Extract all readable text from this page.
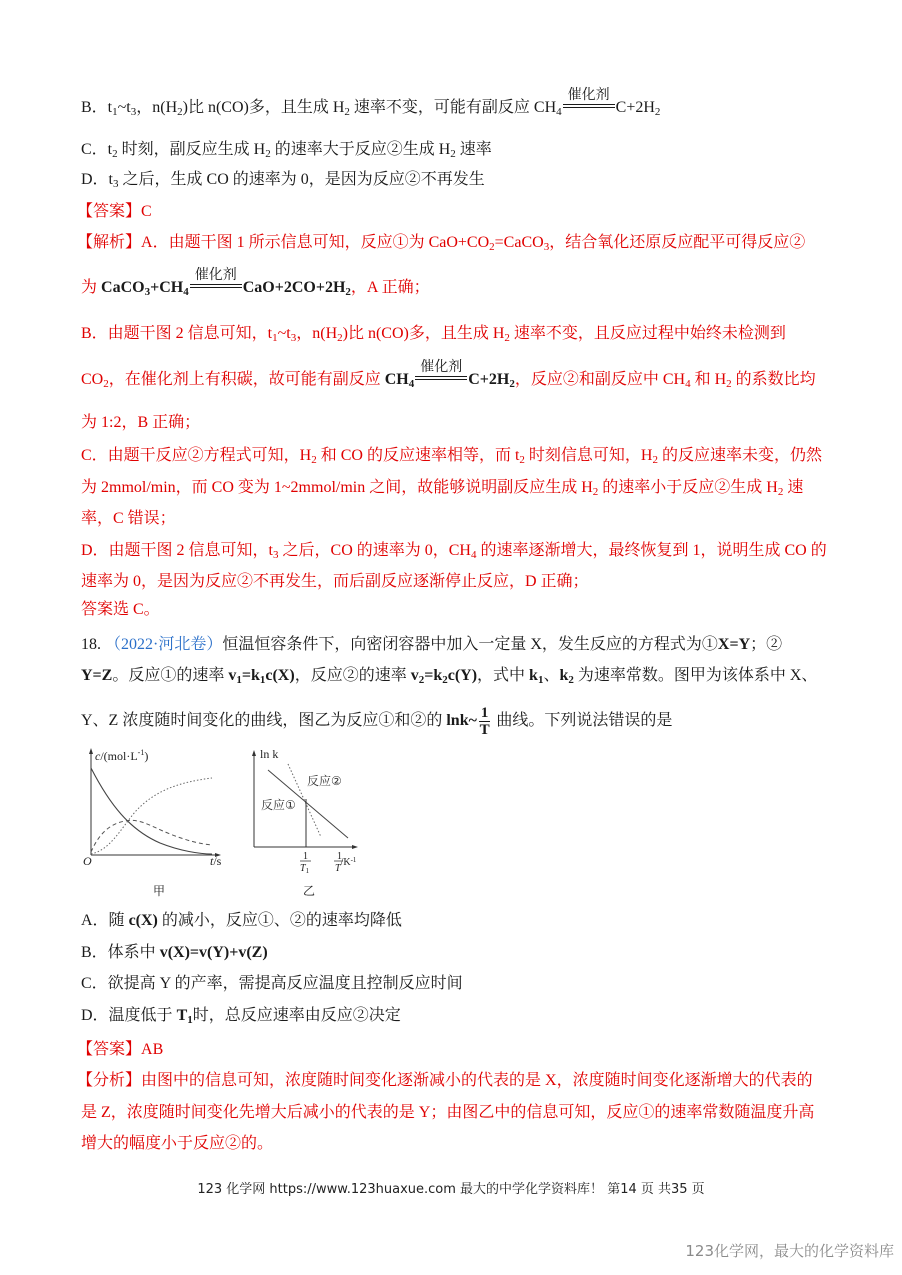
B．$t_1\sim t_3$，$n(H_2)$比 n(CO)多，且生成 $H_2$ 速率不变，可能有副反应 $CH_4$
催化剂
$C+2H_2$
C．$t_2$ 时刻，副反应生成 $H_2$ 的速率大于反应②生成 $H_2$ 速率
D．$t_3$ 之后，生成 CO 的速率为 0，是因为反应②不再发生
【答案】C
【解析】A．由题干图 1 所示信息可知，反应①为 $CaO+CO_2=CaCO_3$，结合氧化还原反应配平可得反应②
为 $CaCO_3+CH_4$
催化剂
$CaO+2CO+2H_2$，A 正确；
B．由题干图 2 信息可知，$t_1\sim t_3$，$n(H_2)$比 n(CO)多，且生成 $H_2$ 速率不变，且反应过程中始终未检测到
$CO_2$，在催化剂上有积碳，故可能有副反应 $CH_4$
催化剂
$C+2H_2$，反应②和副反应中 $CH_4$ 和 $H_2$ 的系数比均
为 1:2，B 正确；
C．由题干反应②方程式可知，$H_2$ 和 CO 的反应速率相等，而 $t_2$ 时刻信息可知，$H_2$ 的反应速率未变，仍然
为 2mmol/min，而 CO 变为 1~2mmol/min 之间，故能够说明副反应生成 $H_2$ 的速率小于反应②生成 $H_2$ 速
率，C 错误；
D．由题干图 2 信息可知，$t_3$ 之后，CO 的速率为 0，$CH_4$ 的速率逐渐增大，最终恢复到 1，说明生成 CO 的
速率为 0，是因为反应②不再发生，而后副反应逐渐停止反应，D 正确；
答案选 C。
18. （2022·河北卷）恒温恒容条件下，向密闭容器中加入一定量 X，发生反应的方程式为①X=Y；②
Y=Z。反应①的速率 $v_1=k_1c(X)$，反应②的速率 $v_2=k_2c(Y)$，式中 $k_1$、$k_2$ 为速率常数。图甲为该体系中 X、
Y、Z 浓度随时间变化的曲线，图乙为反应①和②的 lnk~ $\frac{1}{T}$ 曲线。下列说法错误的是
$c/(mol\cdot L^{-1})$
O	t/s
甲
ln k
反应②
反应①
1
$T_1$
1
$T/K^{-1}$
乙
A．随 c(X) 的减小，反应①、②的速率均降低
B．体系中 v(X)=v(Y)+v(Z)
C．欲提高 Y 的产率，需提高反应温度且控制反应时间
D．温度低于 $T_1$时，总反应速率由反应②决定
【答案】AB
【分析】由图中的信息可知，浓度随时间变化逐渐减小的代表的是 X，浓度随时间变化逐渐增大的代表的
是 Z，浓度随时间变化先增大后减小的代表的是 Y；由图乙中的信息可知，反应①的速率常数随温度升高
增大的幅度小于反应②的。
123 化学网 https://www.123huaxue.com 最大的中学化学资料库！ 第14 页 共35 页
123化学网，最大的化学资料库
